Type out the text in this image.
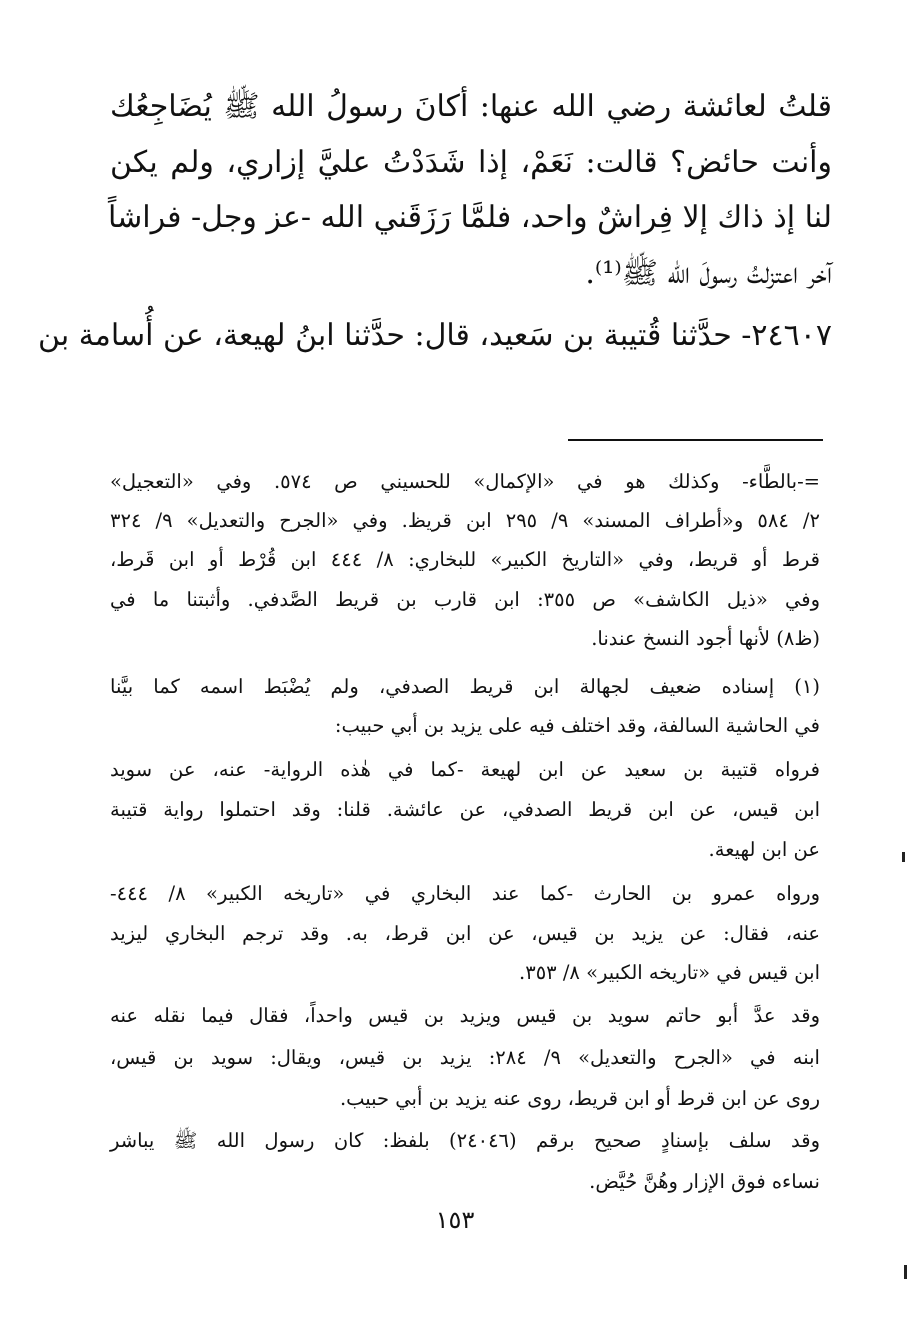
قلتُ لعائشة رضي الله عنها: أكانَ رسولُ الله ﷺ يُضَاجِعُك
وأنت حائض؟ قالت: نَعَمْ، إذا شَدَدْتُ عليَّ إزاري، ولم يكن
لنا إذ ذاك إلا فِراشٌ واحد، فلمَّا رَزَقَني الله -عز وجل- فراشاً
آخر اعتزلتُ رسولَ الله ﷺ⁽¹⁾.
٢٤٦٠٧- حدَّثنا قُتيبة بن سَعيد، قال: حدَّثنا ابنُ لهيعة، عن أُسامة بن
=-بالطَّاء- وكذلك هو في «الإكمال» للحسيني ص ٥٧٤. وفي «التعجيل»
٢/ ٥٨٤ و«أطراف المسند» ٩/ ٢٩٥ ابن قريظ. وفي «الجرح والتعديل» ٩/ ٣٢٤
قرط أو قريط، وفي «التاريخ الكبير» للبخاري: ٨/ ٤٤٤ ابن قُرْط أو ابن قَرط،
وفي «ذيل الكاشف» ص ٣٥٥: ابن قارب بن قريط الصَّدفي. وأثبتنا ما في
(ظ٨) لأنها أجود النسخ عندنا.
(١) إسناده ضعيف لجهالة ابن قريط الصدفي، ولم يُضْبَط اسمه كما بيَّنا
في الحاشية السالفة، وقد اختلف فيه على يزيد بن أبي حبيب:
فرواه قتيبة بن سعيد عن ابن لهيعة -كما في هٰذه الرواية- عنه، عن سويد
ابن قيس، عن ابن قريط الصدفي، عن عائشة. قلنا: وقد احتملوا رواية قتيبة
عن ابن لهيعة.
ورواه عمرو بن الحارث -كما عند البخاري في «تاريخه الكبير» ٨/ ٤٤٤-
عنه، فقال: عن يزيد بن قيس، عن ابن قرط، به. وقد ترجم البخاري ليزيد
ابن قيس في «تاريخه الكبير» ٨/ ٣٥٣.
وقد عدَّ أبو حاتم سويد بن قيس ويزيد بن قيس واحداً، فقال فيما نقله عنه
ابنه في «الجرح والتعديل» ٩/ ٢٨٤: يزيد بن قيس، ويقال: سويد بن قيس،
روى عن ابن قرط أو ابن قريط، روى عنه يزيد بن أبي حبيب.
وقد سلف بإسنادٍ صحيح برقم (٢٤٠٤٦) بلفظ: كان رسول الله ﷺ يباشر
نساءه فوق الإزار وهُنَّ حُيَّض.
١٥٣
